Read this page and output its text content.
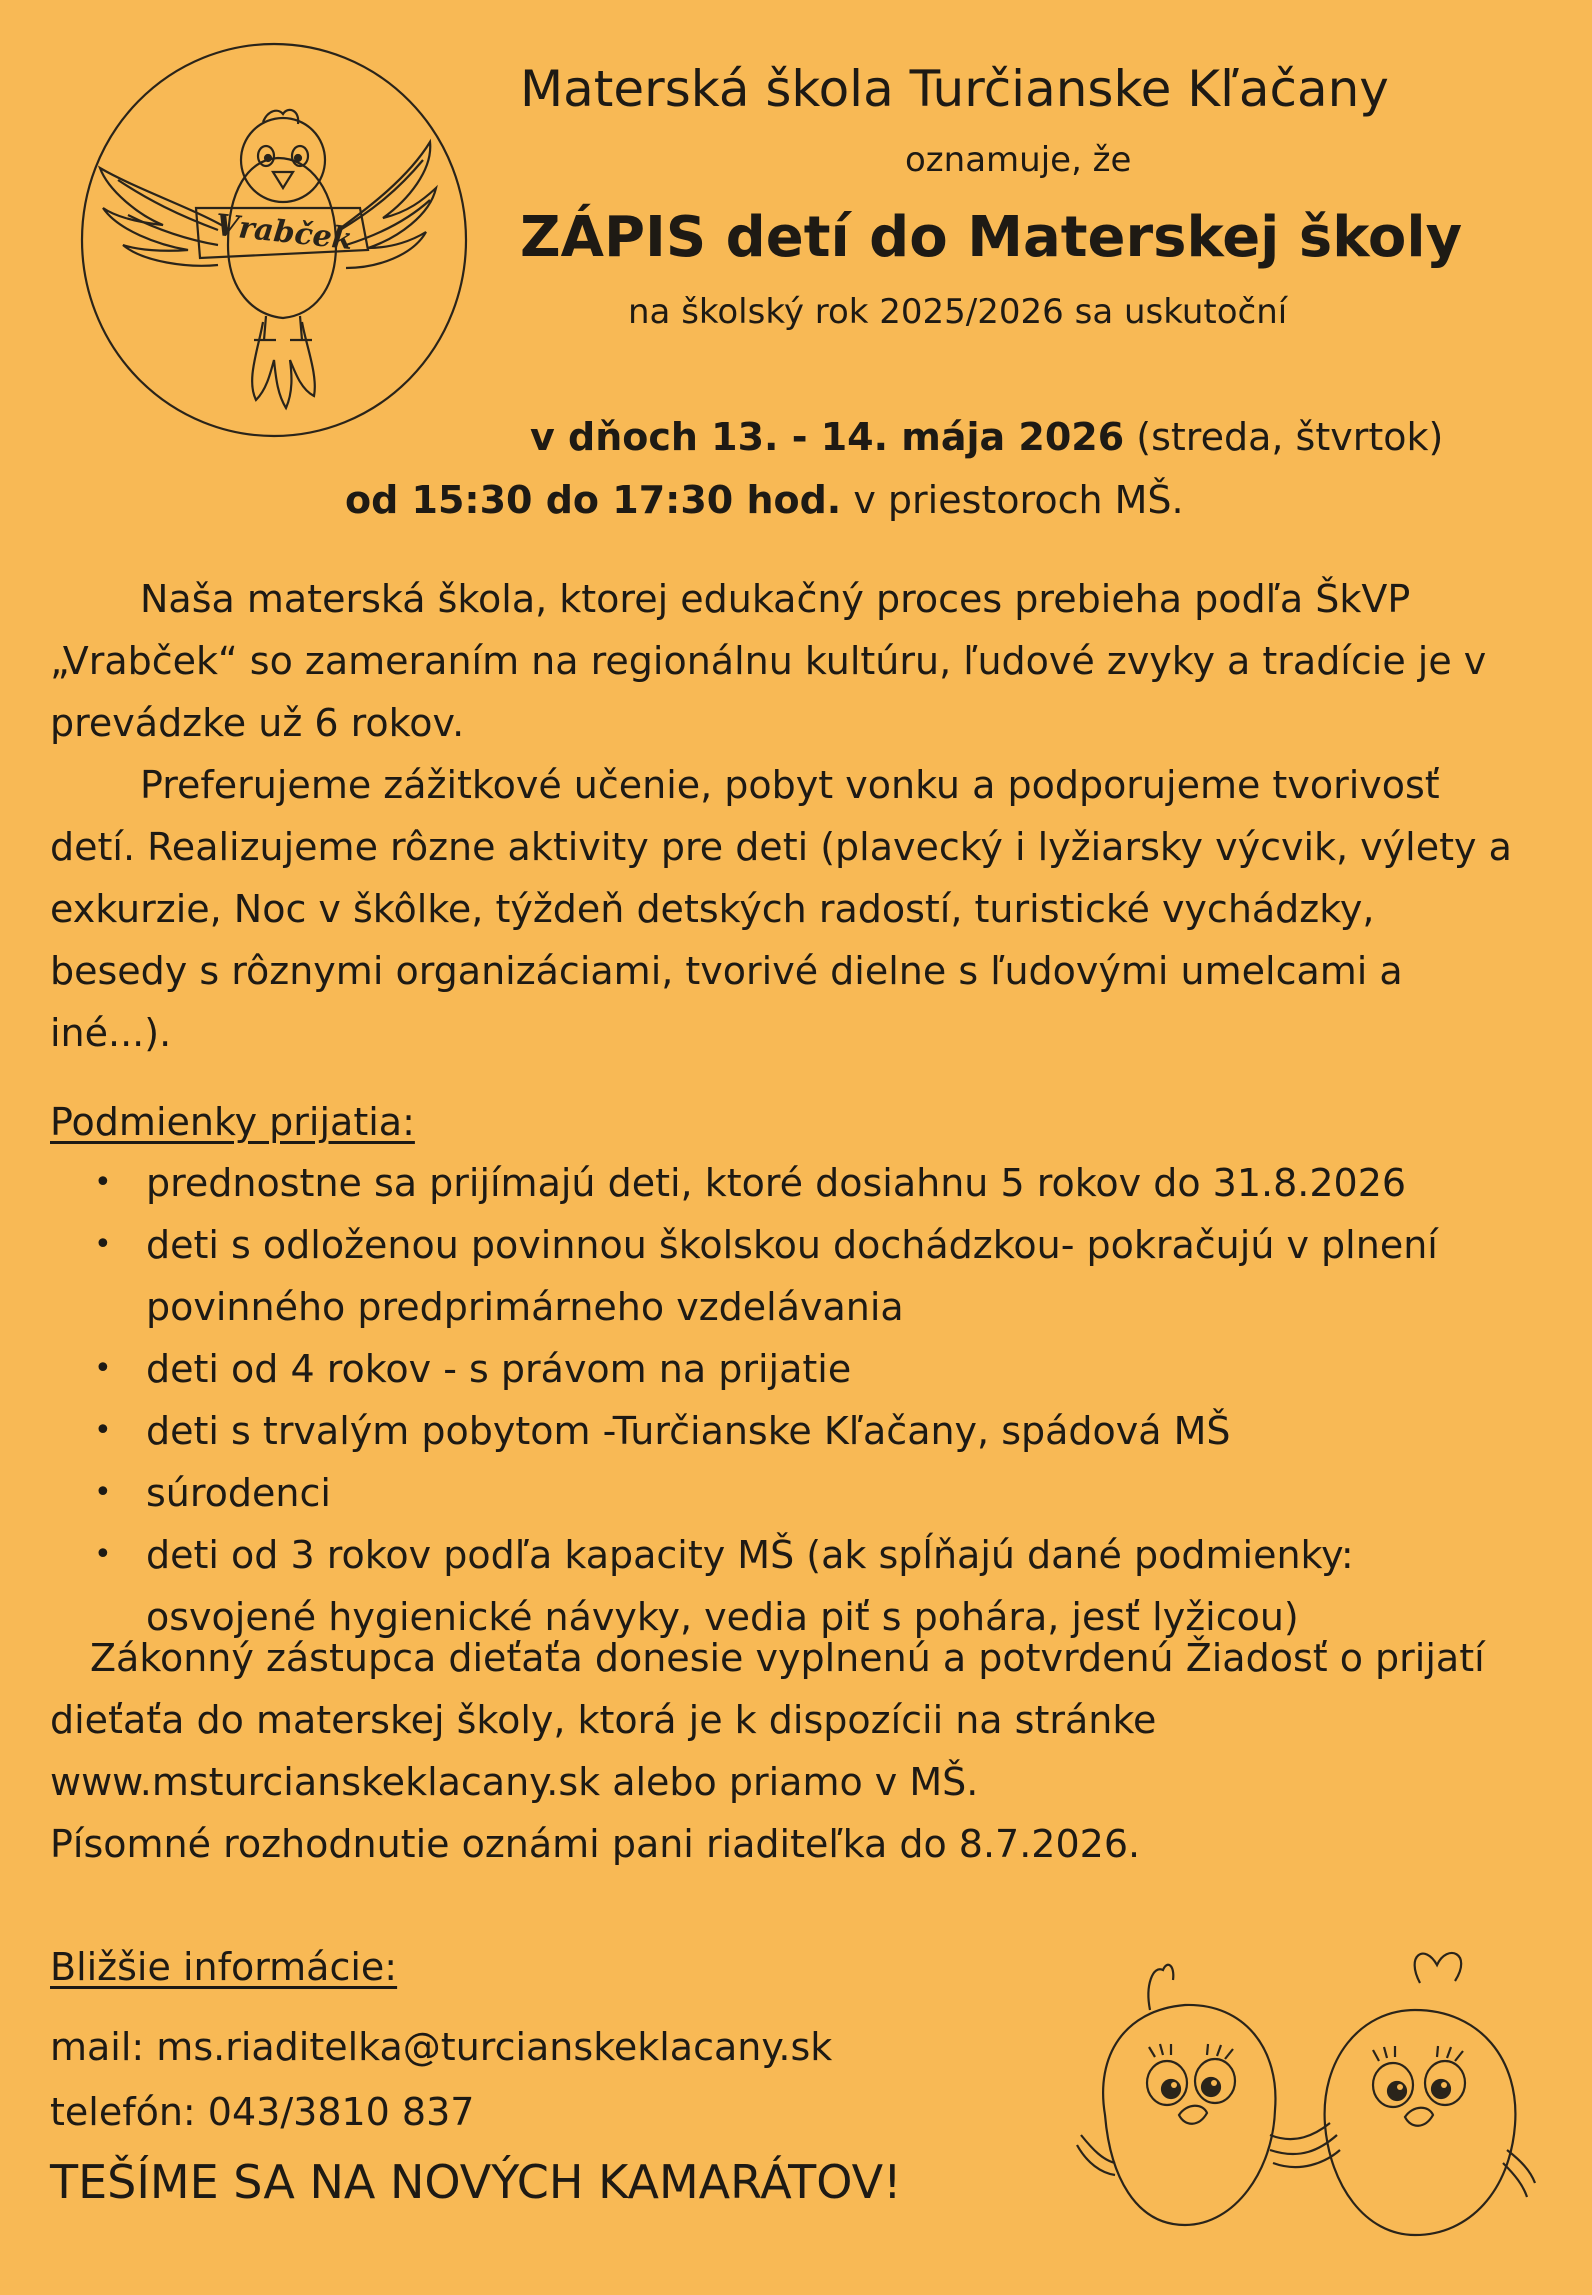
Vrabček
Materská škola Turčianske Kľačany
oznamuje, že
ZÁPIS detí do Materskej školy
na školský rok 2025/2026 sa uskutoční
v dňoch 13. - 14. mája 2026 (streda, štvrtok)
od 15:30 do 17:30 hod. v priestoroch MŠ.

Naša materská škola, ktorej edukačný proces prebieha podľa ŠkVP „Vrabček“ so zameraním na regionálnu kultúru, ľudové zvyky a tradície je v prevádzke už 6 rokov.

Preferujeme zážitkové učenie, pobyt vonku a podporujeme tvorivosť detí. Realizujeme rôzne aktivity pre deti (plavecký i lyžiarsky výcvik, výlety a exkurzie, Noc v škôlke, týždeň detských radostí, turistické vychádzky, besedy s rôznymi organizáciami, tvorivé dielne s ľudovými umelcami a iné...).

Podmienky prijatia:
• prednostne sa prijímajú deti, ktoré dosiahnu 5 rokov do 31.8.2026
• deti s odloženou povinnou školskou dochádzkou- pokračujú v plnení povinného predprimárneho vzdelávania
• deti od 4 rokov - s právom na prijatie
• deti s trvalým pobytom -Turčianske Kľačany, spádová MŠ
• súrodenci
• deti od 3 rokov podľa kapacity MŠ (ak spĺňajú dané podmienky: osvojené hygienické návyky, vedia piť s pohára, jesť lyžicou)

Zákonný zástupca dieťaťa donesie vyplnenú a potvrdenú Žiadosť o prijatí dieťaťa do materskej školy, ktorá je k dispozícii na stránke www.msturcianskeklacany.sk alebo priamo v MŠ.
Písomné rozhodnutie oznámi pani riaditeľka do 8.7.2026.

Bližšie informácie:
mail: ms.riaditelka@turcianskeklacany.sk
telefón: 043/3810 837
TEŠÍME SA NA NOVÝCH KAMARÁTOV!
